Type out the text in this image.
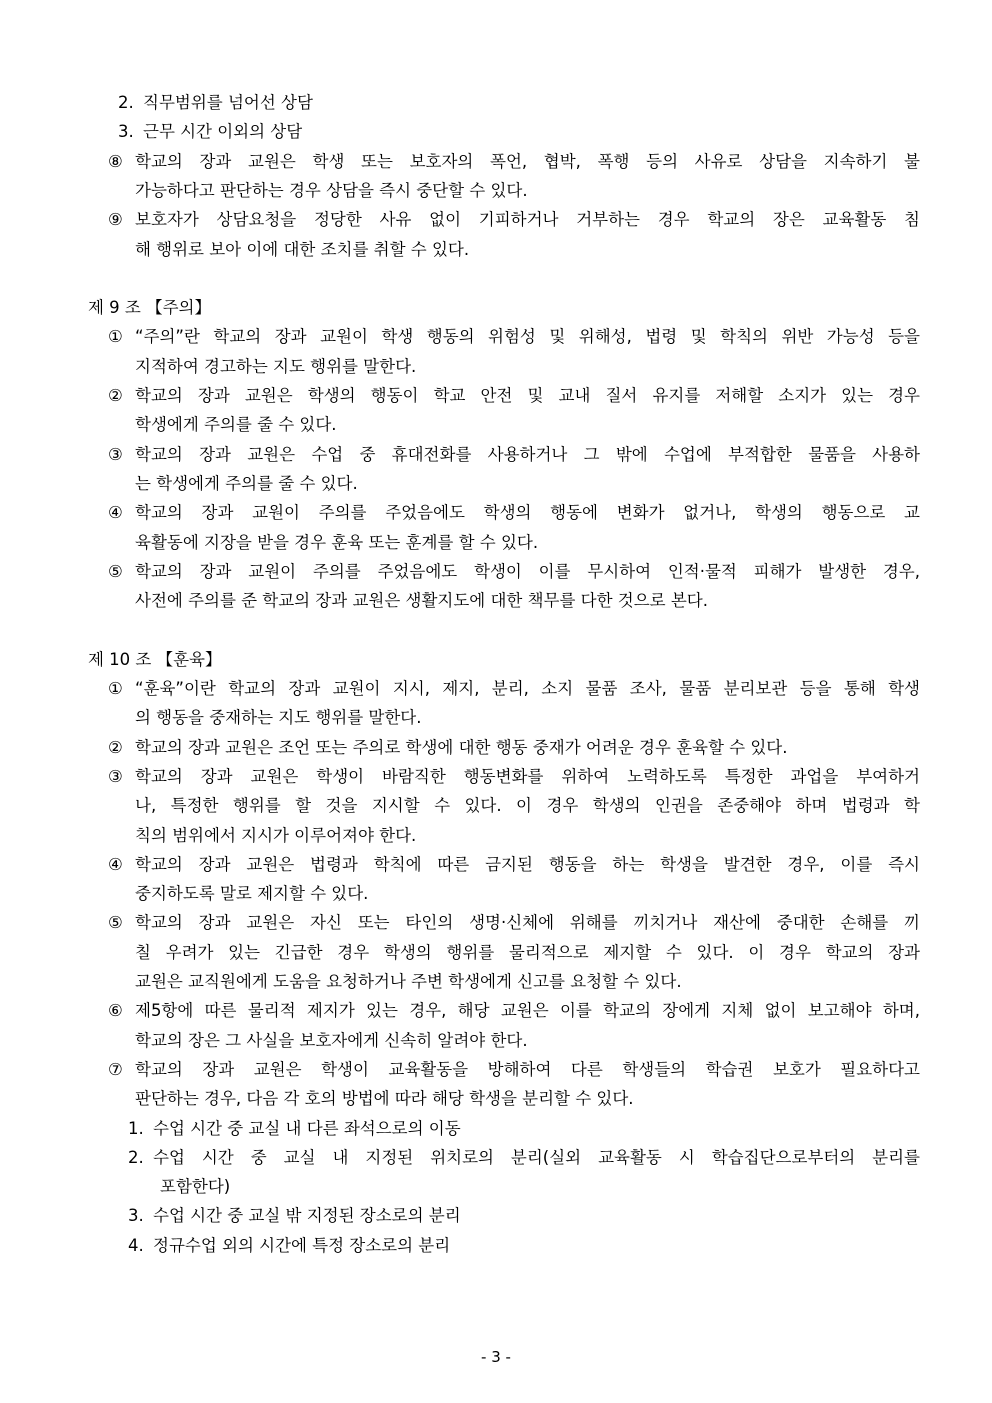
2. 직무범위를 넘어선 상담
3. 근무 시간 이외의 상담
⑧ 학교의 장과 교원은 학생 또는 보호자의 폭언, 협박, 폭행 등의 사유로 상담을 지속하기 불
가능하다고 판단하는 경우 상담을 즉시 중단할 수 있다.
⑨ 보호자가 상담요청을 정당한 사유 없이 기피하거나 거부하는 경우 학교의 장은 교육활동 침
해 행위로 보아 이에 대한 조치를 취할 수 있다.
제 9 조 【주의】
① “주의”란 학교의 장과 교원이 학생 행동의 위험성 및 위해성, 법령 및 학칙의 위반 가능성 등을
지적하여 경고하는 지도 행위를 말한다.
② 학교의 장과 교원은 학생의 행동이 학교 안전 및 교내 질서 유지를 저해할 소지가 있는 경우
학생에게 주의를 줄 수 있다.
③ 학교의 장과 교원은 수업 중 휴대전화를 사용하거나 그 밖에 수업에 부적합한 물품을 사용하
는 학생에게 주의를 줄 수 있다.
④ 학교의 장과 교원이 주의를 주었음에도 학생의 행동에 변화가 없거나, 학생의 행동으로 교
육활동에 지장을 받을 경우 훈육 또는 훈계를 할 수 있다.
⑤ 학교의 장과 교원이 주의를 주었음에도 학생이 이를 무시하여 인적·물적 피해가 발생한 경우,
사전에 주의를 준 학교의 장과 교원은 생활지도에 대한 책무를 다한 것으로 본다.
제 10 조 【훈육】
① “훈육”이란 학교의 장과 교원이 지시, 제지, 분리, 소지 물품 조사, 물품 분리보관 등을 통해 학생
의 행동을 중재하는 지도 행위를 말한다.
② 학교의 장과 교원은 조언 또는 주의로 학생에 대한 행동 중재가 어려운 경우 훈육할 수 있다.
③ 학교의 장과 교원은 학생이 바람직한 행동변화를 위하여 노력하도록 특정한 과업을 부여하거
나, 특정한 행위를 할 것을 지시할 수 있다. 이 경우 학생의 인권을 존중해야 하며 법령과 학
칙의 범위에서 지시가 이루어져야 한다.
④ 학교의 장과 교원은 법령과 학칙에 따른 금지된 행동을 하는 학생을 발견한 경우, 이를 즉시
중지하도록 말로 제지할 수 있다.
⑤ 학교의 장과 교원은 자신 또는 타인의 생명·신체에 위해를 끼치거나 재산에 중대한 손해를 끼
칠 우려가 있는 긴급한 경우 학생의 행위를 물리적으로 제지할 수 있다. 이 경우 학교의 장과
교원은 교직원에게 도움을 요청하거나 주변 학생에게 신고를 요청할 수 있다.
⑥ 제5항에 따른 물리적 제지가 있는 경우, 해당 교원은 이를 학교의 장에게 지체 없이 보고해야 하며,
학교의 장은 그 사실을 보호자에게 신속히 알려야 한다.
⑦ 학교의 장과 교원은 학생이 교육활동을 방해하여 다른 학생들의 학습권 보호가 필요하다고
판단하는 경우, 다음 각 호의 방법에 따라 해당 학생을 분리할 수 있다.
1. 수업 시간 중 교실 내 다른 좌석으로의 이동
2. 수업 시간 중 교실 내 지정된 위치로의 분리(실외 교육활동 시 학습집단으로부터의 분리를
포함한다)
3. 수업 시간 중 교실 밖 지정된 장소로의 분리
4. 정규수업 외의 시간에 특정 장소로의 분리
- 3 -
